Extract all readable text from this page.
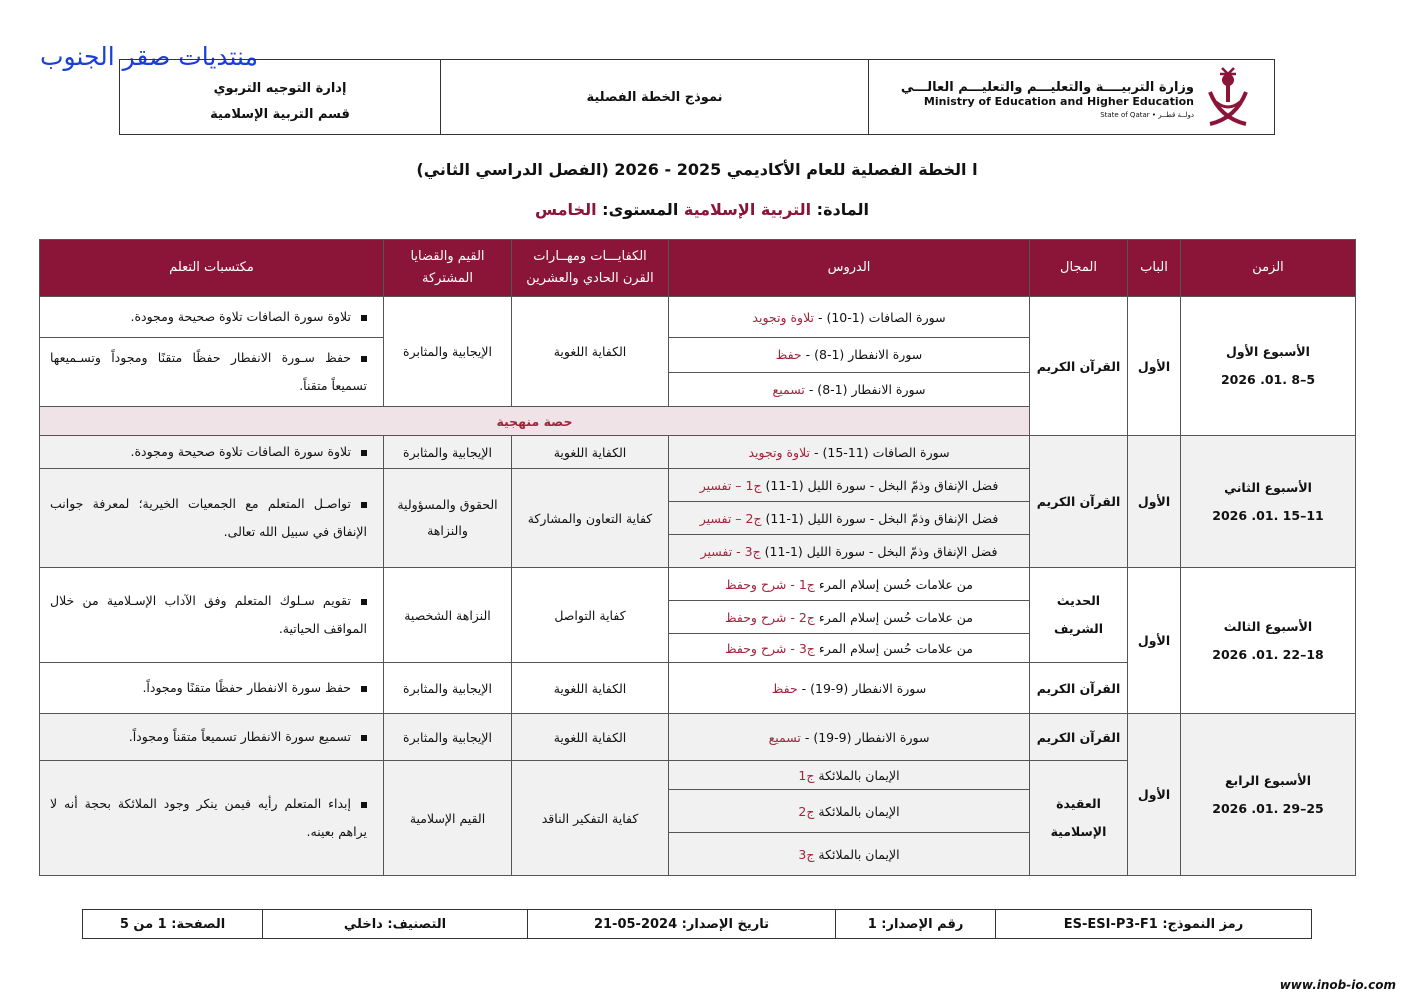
منتديات صقر الجنوب
إدارة التوجيه التربوي
قسم التربية الإسلامية
نموذج الخطة الفصلية
وزارة التربيــــة والتعليـــم والتعليـــم العالـــي
Ministry of Education and Higher Education
State of Qatar • دولــة قطــر
ا الخطة الفصلية للعام الأكاديمي 2025 - 2026 (الفصل الدراسي الثاني)
المادة: التربية الإسلامية المستوى: الخامس
الزمن	الباب	المجال	الدروس	الكفايـــات ومهــارات القرن الحادي والعشرين	القيم والقضايا المشتركة	مكتسبات التعلم

الأسبوع الأول
5–8 .01. 2026	الأول	القرآن الكريم	سورة الصافات (1-10) - تلاوة وتجويد	الكفاية اللغوية	الإيجابية والمثابرة	تلاوة سورة الصافات تلاوة صحيحة ومجودة.
			سورة الانفطار (1-8) - حفظ			حفظ سـورة الانفطار حفظًا متقنًا ومجوداً وتسـميعها تسميعاً متقناً.
			سورة الانفطار (1-8) - تسميع			
			حصة منهجية			

الأسبوع الثاني
11–15 .01. 2026	الأول	القرآن الكريم	سورة الصافات (11-15) - تلاوة وتجويد	الكفاية اللغوية	الإيجابية والمثابرة	تلاوة سورة الصافات تلاوة صحيحة ومجودة.
			فضل الإنفاق وذمّ البخل - سورة الليل (1-11) ج1 – تفسير	كفاية التعاون والمشاركة	الحقوق والمسؤولية والنزاهة	تواصـل المتعلم مع الجمعيات الخيرية؛ لمعرفة جوانب الإنفاق في سبيل الله تعالى.
			فضل الإنفاق وذمّ البخل - سورة الليل (1-11) ج2 – تفسير			
			فضل الإنفاق وذمّ البخل - سورة الليل (1-11) ج3 - تفسير			

الأسبوع الثالث
18–22 .01. 2026	الأول	الحديث الشريف	من علامات حُسن إسلام المرء ج1 - شرح وحفظ	كفاية التواصل	النزاهة الشخصية	تقويم سـلوك المتعلم وفق الآداب الإسـلامية من خلال المواقف الحياتية.
			من علامات حُسن إسلام المرء ج2 - شرح وحفظ			
			من علامات حُسن إسلام المرء ج3 - شرح وحفظ			
		القرآن الكريم	سورة الانفطار (9-19) - حفظ	الكفاية اللغوية	الإيجابية والمثابرة	حفظ سورة الانفطار حفظًا متقنًا ومجوداً.

الأسبوع الرابع
25–29 .01. 2026	الأول	القرآن الكريم	سورة الانفطار (9-19) - تسميع	الكفاية اللغوية	الإيجابية والمثابرة	تسميع سورة الانفطار تسميعاً متقناً ومجوداً.
		العقيدة الإسلامية	الإيمان بالملائكة ج1	كفاية التفكير الناقد	القيم الإسلامية	إبداء المتعلم رأيه فيمن ينكر وجود الملائكة بحجة أنه لا يراهم بعينه.
			الإيمان بالملائكة ج2			
			الإيمان بالملائكة ج3			
رمز النموذج: ES-ESI-P3-F1
رقم الإصدار: 1
تاريخ الإصدار: 2024-05-21
التصنيف: داخلي
الصفحة: 1 من 5
www.inob-io.com
